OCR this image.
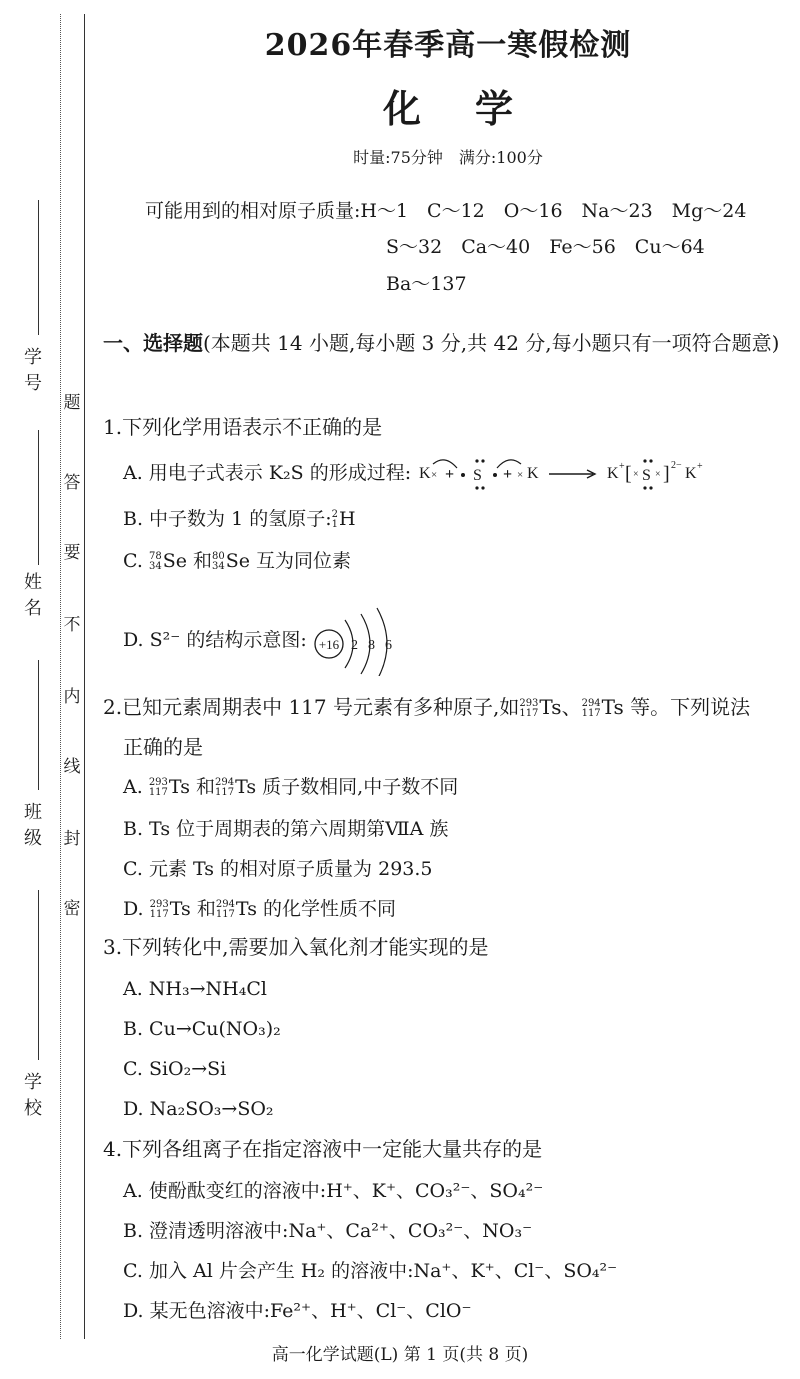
学号
姓名
班级
学校
题
答
要
不
内
线
封
密
2026年春季高一寒假检测
化学
时量:75分钟　满分:100分
可能用到的相对原子质量:H～1　C～12　O～16　Na～23　Mg～24
S～32　Ca～40　Fe～56　Cu～64
Ba～137
一、选择题(本题共 14 小题,每小题 3 分,共 42 分,每小题只有一项符合题意)
1.下列化学用语表示不正确的是
A. 用电子式表示 K₂S 的形成过程: K × + S + × K	K + [ × S × ] 2− K +
B. 中子数为 1 的氢原子: 2
1 H
C. 78
34 Se 和 80
34 Se 互为同位素
D. S²⁻ 的结构示意图: +16 2 8 6
2.已知元素周期表中 117 号元素有多种原子,如 293
117 Ts、 294
117 Ts 等。下列说法
正确的是
A. 293
117 Ts 和 294
117 Ts 质子数相同,中子数不同
B. Ts 位于周期表的第六周期第ⅦA 族
C. 元素 Ts 的相对原子质量为 293.5
D. 293
117 Ts 和 294
117 Ts 的化学性质不同
3.下列转化中,需要加入氧化剂才能实现的是
A. NH₃→NH₄Cl
B. Cu→Cu(NO₃)₂
C. SiO₂→Si
D. Na₂SO₃→SO₂
4.下列各组离子在指定溶液中一定能大量共存的是
A. 使酚酞变红的溶液中:H⁺、K⁺、CO₃²⁻、SO₄²⁻
B. 澄清透明溶液中:Na⁺、Ca²⁺、CO₃²⁻、NO₃⁻
C. 加入 Al 片会产生 H₂ 的溶液中:Na⁺、K⁺、Cl⁻、SO₄²⁻
D. 某无色溶液中:Fe²⁺、H⁺、Cl⁻、ClO⁻
高一化学试题(L) 第 1 页(共 8 页)
